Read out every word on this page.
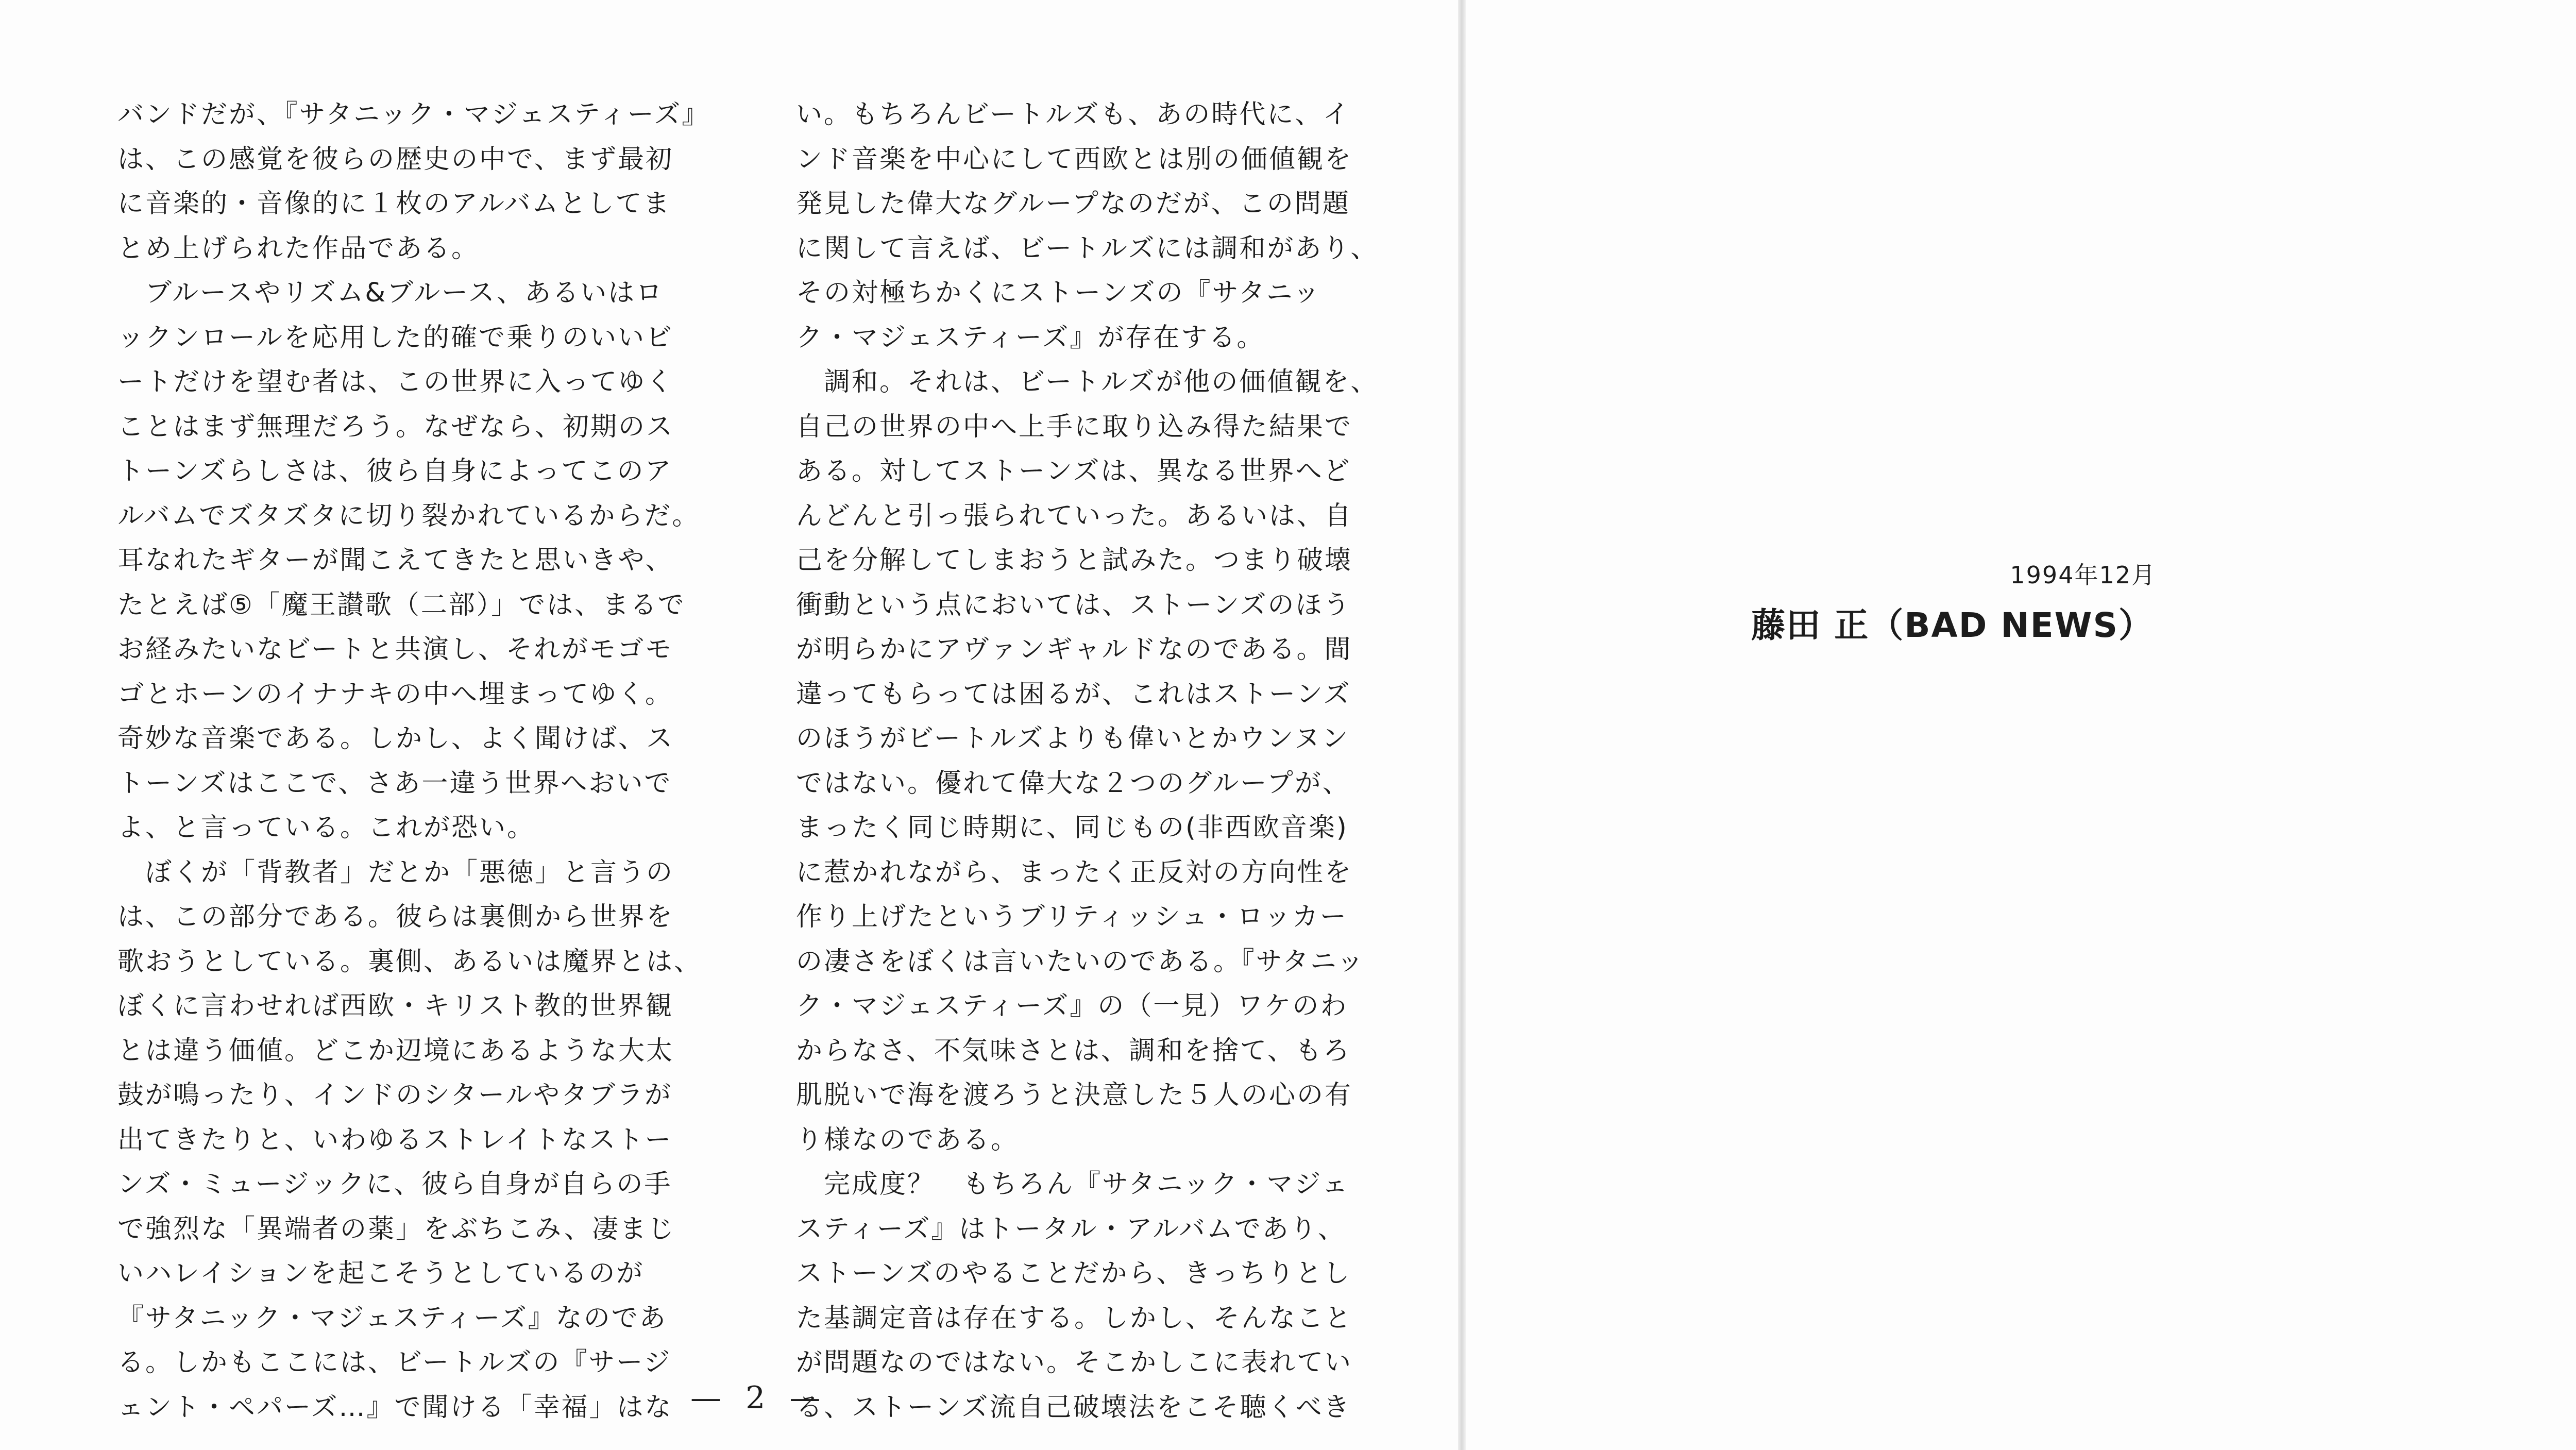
バンドだが、『サタニック・マジェスティーズ』
は、この感覚を彼らの歴史の中で、まず最初
に音楽的・音像的に１枚のアルバムとしてま
とめ上げられた作品である。
　ブルースやリズム&ブルース、あるいはロ
ックンロールを応用した的確で乗りのいいビ
ートだけを望む者は、この世界に入ってゆく
ことはまず無理だろう。なぜなら、初期のス
トーンズらしさは、彼ら自身によってこのア
ルバムでズタズタに切り裂かれているからだ。
耳なれたギターが聞こえてきたと思いきや、
たとえば⑤「魔王讃歌（二部）」では、まるで
お経みたいなビートと共演し、それがモゴモ
ゴとホーンのイナナキの中へ埋まってゆく。
奇妙な音楽である。しかし、よく聞けば、ス
トーンズはここで、さあ一違う世界へおいで
よ、と言っている。これが恐い。
　ぼくが「背教者」だとか「悪徳」と言うの
は、この部分である。彼らは裏側から世界を
歌おうとしている。裏側、あるいは魔界とは、
ぼくに言わせれば西欧・キリスト教的世界観
とは違う価値。どこか辺境にあるような大太
鼓が鳴ったり、インドのシタールやタブラが
出てきたりと、いわゆるストレイトなストー
ンズ・ミュージックに、彼ら自身が自らの手
で強烈な「異端者の薬」をぶちこみ、凄まじ
いハレイションを起こそうとしているのが
『サタニック・マジェスティーズ』なのであ
る。しかもここには、ビートルズの『サージ
ェント・ペパーズ…』で聞ける「幸福」はな
い。もちろんビートルズも、あの時代に、イ
ンド音楽を中心にして西欧とは別の価値観を
発見した偉大なグループなのだが、この問題
に関して言えば、ビートルズには調和があり、
その対極ちかくにストーンズの『サタニッ
ク・マジェスティーズ』が存在する。
　調和。それは、ビートルズが他の価値観を、
自己の世界の中へ上手に取り込み得た結果で
ある。対してストーンズは、異なる世界へど
んどんと引っ張られていった。あるいは、自
己を分解してしまおうと試みた。つまり破壊
衝動という点においては、ストーンズのほう
が明らかにアヴァンギャルドなのである。間
違ってもらっては困るが、これはストーンズ
のほうがビートルズよりも偉いとかウンヌン
ではない。優れて偉大な２つのグループが、
まったく同じ時期に、同じもの(非西欧音楽)
に惹かれながら、まったく正反対の方向性を
作り上げたというブリティッシュ・ロッカー
の凄さをぼくは言いたいのである。『サタニッ
ク・マジェスティーズ』の（一見）ワケのわ
からなさ、不気味さとは、調和を捨て、もろ
肌脱いで海を渡ろうと決意した５人の心の有
り様なのである。
　完成度？　もちろん『サタニック・マジェ
スティーズ』はトータル・アルバムであり、
ストーンズのやることだから、きっちりとし
た基調定音は存在する。しかし、そんなこと
が問題なのではない。そこかしこに表れてい
る、ストーンズ流自己破壊法をこそ聴くべき
— 2 —
1994年12月
藤田 正（BAD NEWS）
